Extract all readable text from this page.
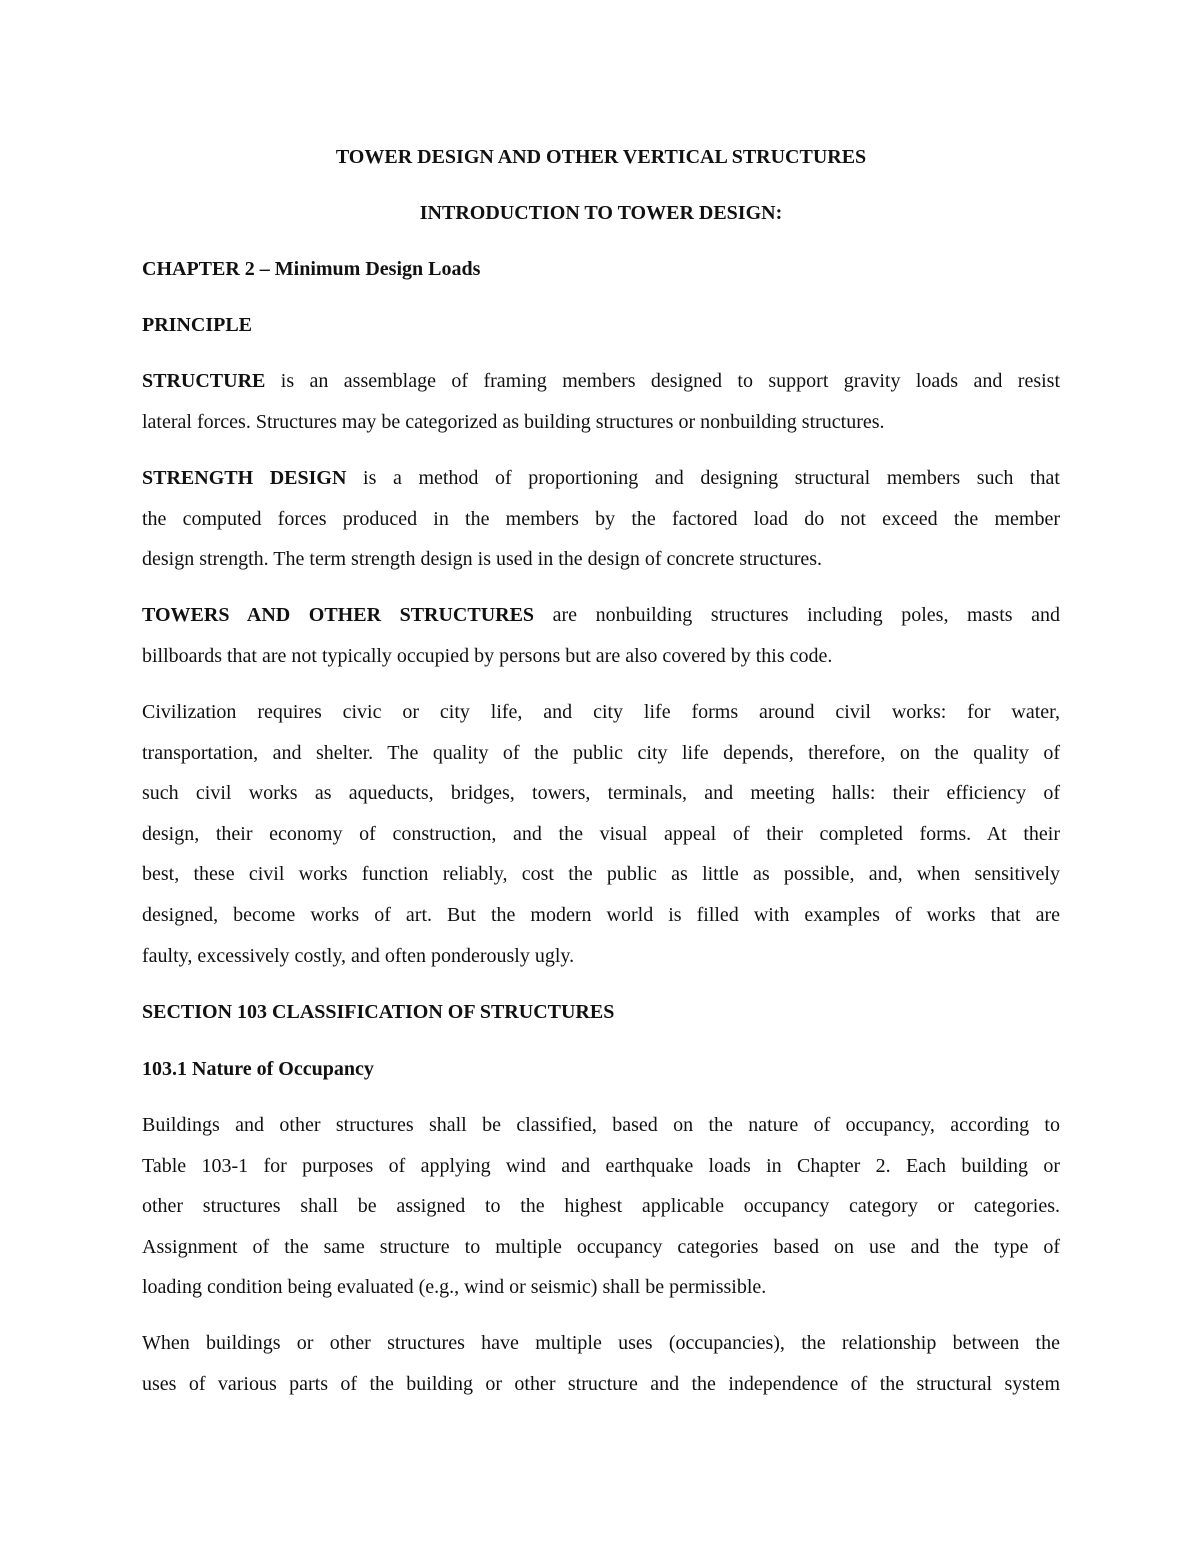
TOWER DESIGN AND OTHER VERTICAL STRUCTURES
INTRODUCTION TO TOWER DESIGN:
CHAPTER 2 – Minimum Design Loads
PRINCIPLE
STRUCTURE is an assemblage of framing members designed to support gravity loads and resist
lateral forces. Structures may be categorized as building structures or nonbuilding structures.
STRENGTH DESIGN is a method of proportioning and designing structural members such that
the computed forces produced in the members by the factored load do not exceed the member
design strength. The term strength design is used in the design of concrete structures.
TOWERS AND OTHER STRUCTURES are nonbuilding structures including poles, masts and
billboards that are not typically occupied by persons but are also covered by this code.
Civilization requires civic or city life, and city life forms around civil works: for water,
transportation, and shelter. The quality of the public city life depends, therefore, on the quality of
such civil works as aqueducts, bridges, towers, terminals, and meeting halls: their efficiency of
design, their economy of construction, and the visual appeal of their completed forms. At their
best, these civil works function reliably, cost the public as little as possible, and, when sensitively
designed, become works of art. But the modern world is filled with examples of works that are
faulty, excessively costly, and often ponderously ugly.
SECTION 103 CLASSIFICATION OF STRUCTURES
103.1 Nature of Occupancy
Buildings and other structures shall be classified, based on the nature of occupancy, according to
Table 103-1 for purposes of applying wind and earthquake loads in Chapter 2. Each building or
other structures shall be assigned to the highest applicable occupancy category or categories.
Assignment of the same structure to multiple occupancy categories based on use and the type of
loading condition being evaluated (e.g., wind or seismic) shall be permissible.
When buildings or other structures have multiple uses (occupancies), the relationship between the
uses of various parts of the building or other structure and the independence of the structural system
